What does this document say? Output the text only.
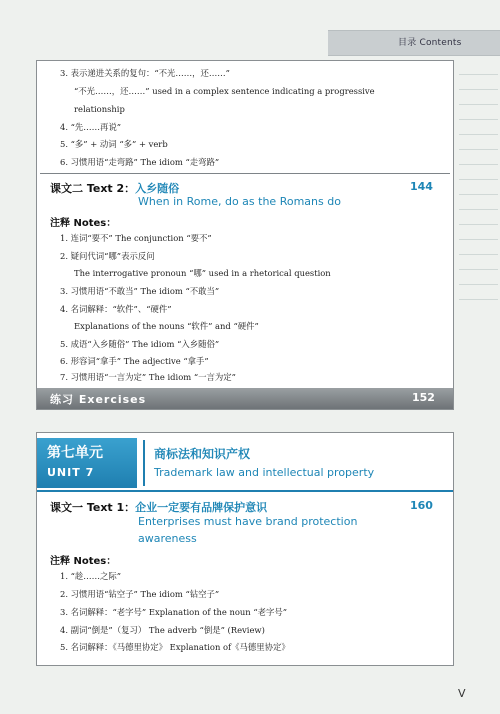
目录 Contents
3. 表示递进关系的复句：“不光……，还……”
“不光……，还……” used in a complex sentence indicating a progressive
relationship
4. “先……再说”
5. “多” + 动词 “多” + verb
6. 习惯用语“走弯路” The idiom “走弯路”
课文二 Text 2：入乡随俗	144
When in Rome, do as the Romans do
注释 Notes：
1. 连词“要不” The conjunction “要不”
2. 疑问代词“哪”表示反问
The interrogative pronoun “哪” used in a rhetorical question
3. 习惯用语“不敢当” The idiom “不敢当”
4. 名词解释：“软件”、“硬件”
Explanations of the nouns “软件” and “硬件”
5. 成语“入乡随俗” The idiom “入乡随俗”
6. 形容词“拿手” The adjective “拿手”
7. 习惯用语“一言为定” The idiom “一言为定”
练习 Exercises	152
第七单元
UNIT 7
商标法和知识产权
Trademark law and intellectual property
课文一 Text 1：企业一定要有品牌保护意识	160
Enterprises must have brand protection
awareness
注释 Notes：
1. “趁……之际”
2. 习惯用语“钻空子” The idiom “钻空子”
3. 名词解释：“老字号” Explanation of the noun “老字号”
4. 副词“倒是”（复习） The adverb “倒是” (Review)
5. 名词解释：《马德里协定》 Explanation of《马德里协定》
V
